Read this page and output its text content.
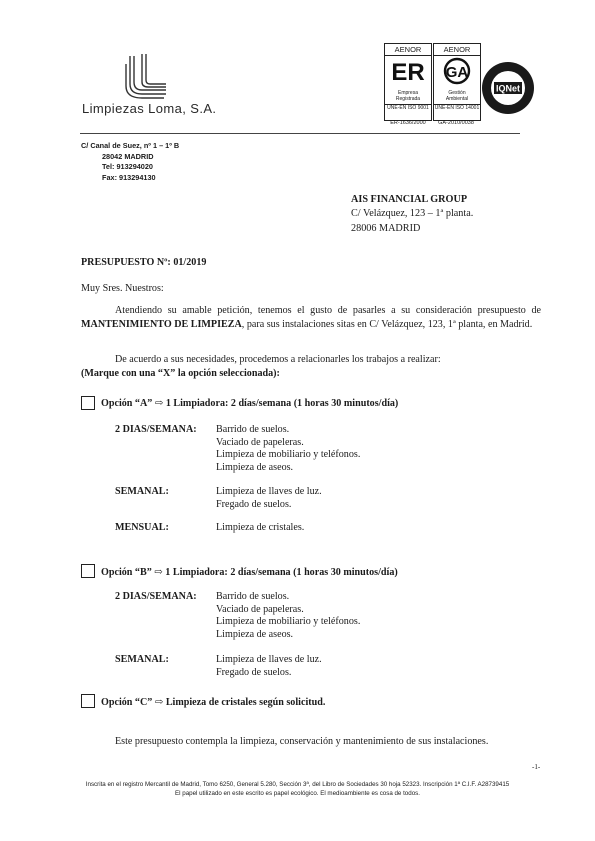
Limpiezas Loma, S.A.
AENOR
ER
Empresa
Registrada
UNE-EN ISO 9001
ER-1636/2000
AENOR
GA
Gestión
Ambiental
UNE-EN ISO 14001
GA-2010/0038
IQNet
C/ Canal de Suez, nº 1 – 1º B
28042 MADRID
Tel: 913294020
Fax: 913294130
AIS FINANCIAL GROUP
C/ Velázquez, 123 – 1ª planta.
28006 MADRID
PRESUPUESTO Nº: 01/2019
Muy Sres. Nuestros:
Atendiendo su amable petición, tenemos el gusto de pasarles a su consideración presupuesto de MANTENIMIENTO DE LIMPIEZA, para sus instalaciones sitas en C/ Velázquez, 123, 1ª planta, en Madrid.
De acuerdo a sus necesidades, procedemos a relacionarles los trabajos a realizar:
(Marque con una “X” la opción seleccionada):
Opción “A” ⇨ 1 Limpiadora: 2 días/semana (1 horas 30 minutos/día)
2 DIAS/SEMANA: Barrido de suelos.
Vaciado de papeleras.
Limpieza de mobiliario y teléfonos.
Limpieza de aseos.
SEMANAL:	Limpieza de llaves de luz.
Fregado de suelos.
MENSUAL:	Limpieza de cristales.
Opción “B” ⇨ 1 Limpiadora: 2 días/semana (1 horas 30 minutos/día)
2 DIAS/SEMANA: Barrido de suelos.
Vaciado de papeleras.
Limpieza de mobiliario y teléfonos.
Limpieza de aseos.
SEMANAL:	Limpieza de llaves de luz.
Fregado de suelos.
Opción “C” ⇨ Limpieza de cristales según solicitud.
Este presupuesto contempla la limpieza, conservación y mantenimiento de sus instalaciones.
-1-
Inscrita en el registro Mercantil de Madrid, Tomo 6250, General 5.280, Sección 3ª, del Libro de Sociedades 30 hoja 52323. Inscripción 1ª C.I.F. A28739415
El papel utilizado en este escrito es papel ecológico. El medioambiente es cosa de todos.
